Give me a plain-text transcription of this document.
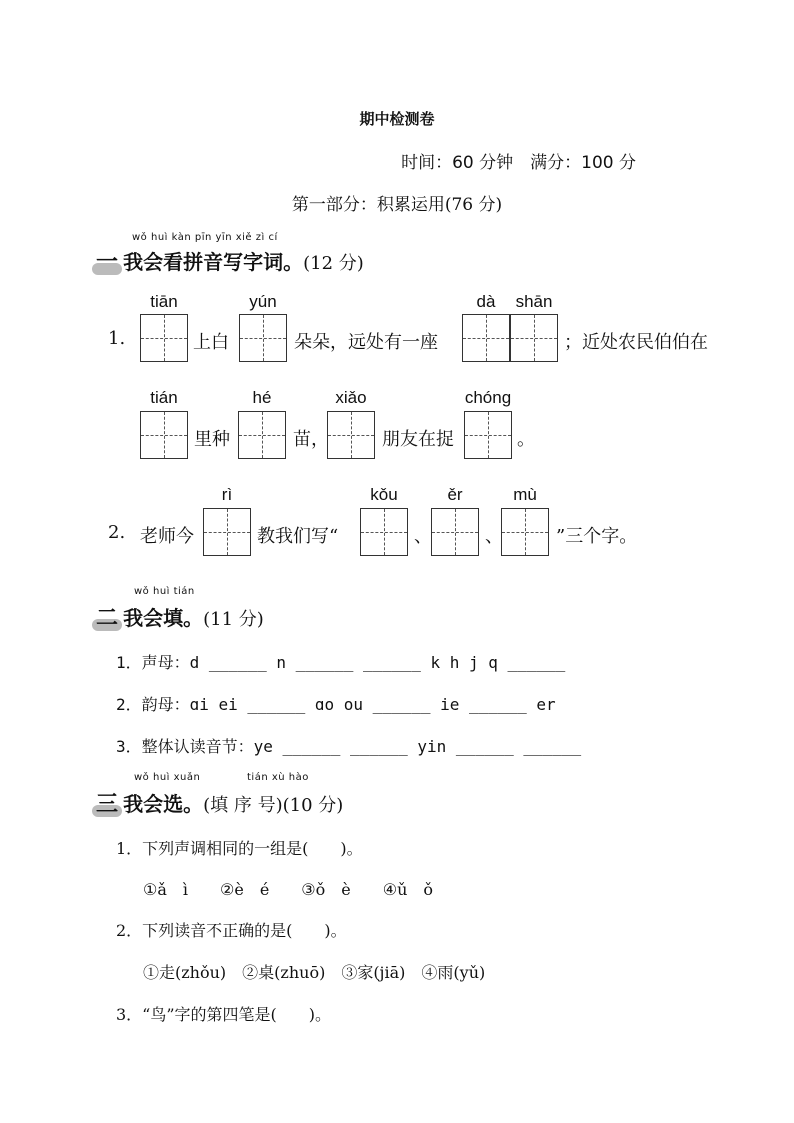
期中检测卷
时间：60 分钟　满分：100 分
第一部分：积累运用(76 分)
wǒ huì kàn pīn yīn xiě zì cí
一 我会看拼音写字词。(12 分)
1.
tiān
上白
yún
朵朵，远处有一座
dà	shān
；近处农民伯伯在
tián
里种
hé
苗，
xiǎo
朋友在捉
chóng
。
2. 老师今
rì
教我们写“
kǒu
、
ěr
、
mù
”三个字。
wǒ huì tián
二 我会填。(11 分)
1．声母：d ______ n ______ ______ k h j q ______
2．韵母：ɑi ei ______ ɑo ou ______ ie ______ er
3．整体认读音节：ye ______ ______ yin ______ ______
wǒ huì xuǎn	tián xù hào
三 我会选。(填 序 号)(10 分)
1．下列声调相同的一组是(　　)。
①ǎ　ì　　②è　é　　③ǒ　è　　④ǔ　ǒ
2．下列读音不正确的是(　　)。
①走(zhǒu)　②桌(zhuō)　③家(jiā)　④雨(yǔ)
3．“鸟”字的第四笔是(　　)。
